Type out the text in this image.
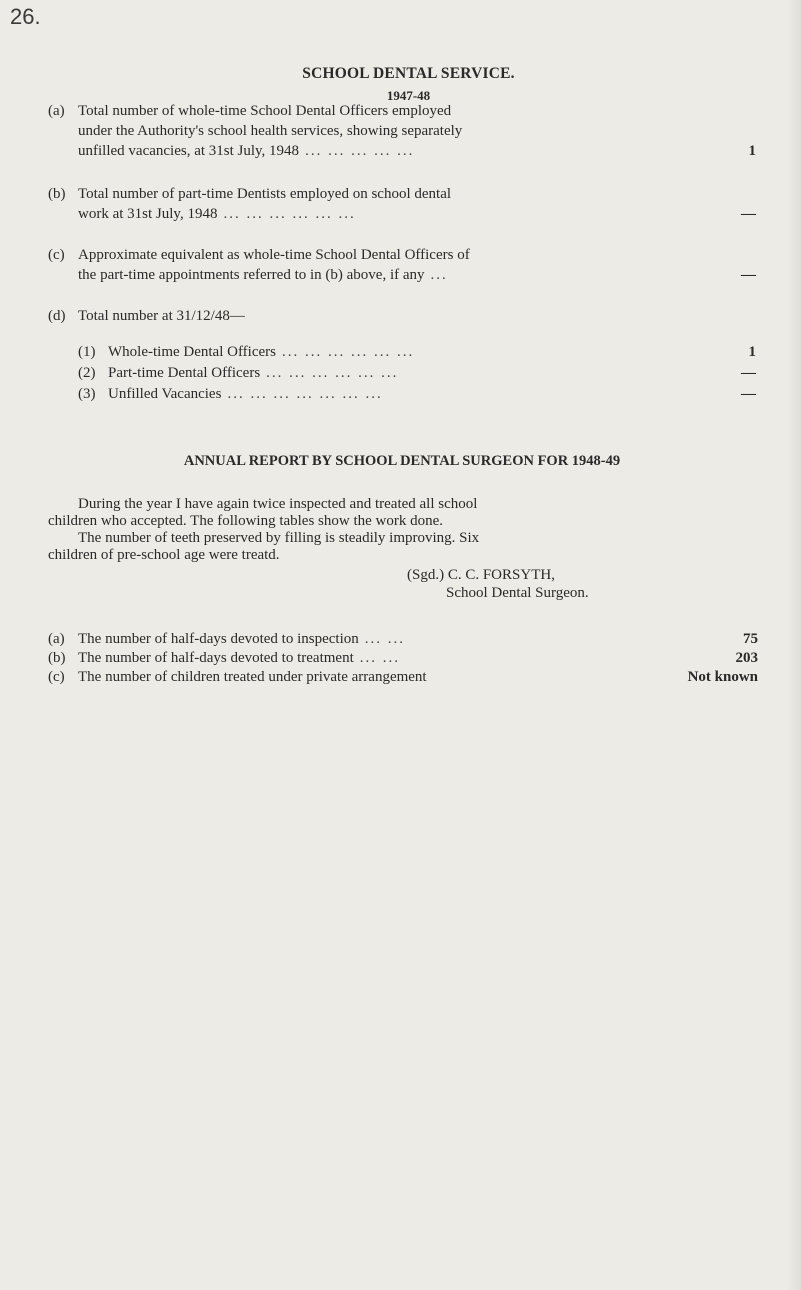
26.
SCHOOL DENTAL SERVICE.
1947-48
(a) Total number of whole-time School Dental Officers employed
under the Authority's school health services, showing separately
unfilled vacancies, at 31st July, 1948 ... ... ... ... ...	1
(b) Total number of part-time Dentists employed on school dental
work at 31st July, 1948 ... ... ... ... ... ...	—
(c) Approximate equivalent as whole-time School Dental Officers of
the part-time appointments referred to in (b) above, if any ...	—
(d) Total number at 31/12/48—
(1) Whole-time Dental Officers ... ... ... ... ... ...	1
(2) Part-time Dental Officers ... ... ... ... ... ...	—
(3) Unfilled Vacancies ... ... ... ... ... ... ...	—
ANNUAL REPORT BY SCHOOL DENTAL SURGEON FOR 1948-49

During the year I have again twice inspected and treated all school

children who accepted. The following tables show the work done.

The number of teeth preserved by filling is steadily improving. Six

children of pre-school age were treatd.

(Sgd.) C. C. FORSYTH,
School Dental Surgeon.
(a) The number of half-days devoted to inspection ... ...	75
(b) The number of half-days devoted to treatment ... ...	203
(c) The number of children treated under private arrangement	Not known
